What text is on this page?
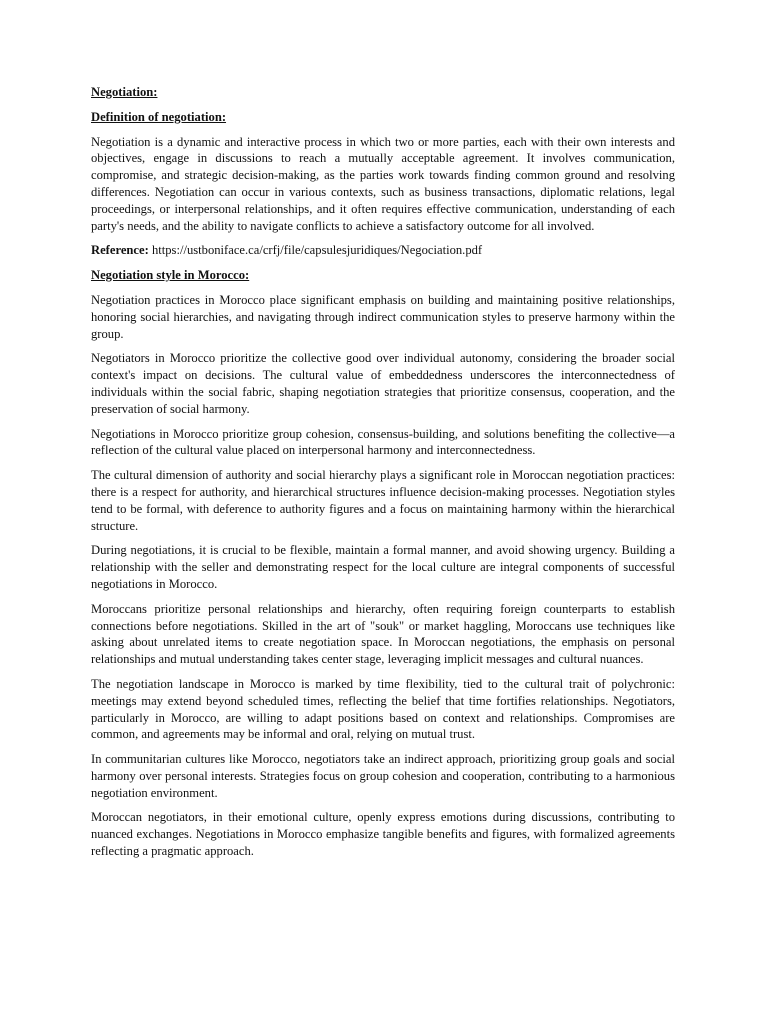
Negotiation:
Definition of negotiation:

Negotiation is a dynamic and interactive process in which two or more parties, each with their own interests and objectives, engage in discussions to reach a mutually acceptable agreement. It involves communication, compromise, and strategic decision-making, as the parties work towards finding common ground and resolving differences. Negotiation can occur in various contexts, such as business transactions, diplomatic relations, legal proceedings, or interpersonal relationships, and it often requires effective communication, understanding of each party's needs, and the ability to navigate conflicts to achieve a satisfactory outcome for all involved.

Reference: https://ustboniface.ca/crfj/file/capsulesjuridiques/Negociation.pdf

Negotiation style in Morocco:

Negotiation practices in Morocco place significant emphasis on building and maintaining positive relationships, honoring social hierarchies, and navigating through indirect communication styles to preserve harmony within the group.

Negotiators in Morocco prioritize the collective good over individual autonomy, considering the broader social context's impact on decisions. The cultural value of embeddedness underscores the interconnectedness of individuals within the social fabric, shaping negotiation strategies that prioritize consensus, cooperation, and the preservation of social harmony.

Negotiations in Morocco prioritize group cohesion, consensus-building, and solutions benefiting the collective—a reflection of the cultural value placed on interpersonal harmony and interconnectedness.

The cultural dimension of authority and social hierarchy plays a significant role in Moroccan negotiation practices: there is a respect for authority, and hierarchical structures influence decision-making processes. Negotiation styles tend to be formal, with deference to authority figures and a focus on maintaining harmony within the hierarchical structure.

During negotiations, it is crucial to be flexible, maintain a formal manner, and avoid showing urgency. Building a relationship with the seller and demonstrating respect for the local culture are integral components of successful negotiations in Morocco.

Moroccans prioritize personal relationships and hierarchy, often requiring foreign counterparts to establish connections before negotiations. Skilled in the art of "souk" or market haggling, Moroccans use techniques like asking about unrelated items to create negotiation space. In Moroccan negotiations, the emphasis on personal relationships and mutual understanding takes center stage, leveraging implicit messages and cultural nuances.

The negotiation landscape in Morocco is marked by time flexibility, tied to the cultural trait of polychronic: meetings may extend beyond scheduled times, reflecting the belief that time fortifies relationships. Negotiators, particularly in Morocco, are willing to adapt positions based on context and relationships. Compromises are common, and agreements may be informal and oral, relying on mutual trust.

In communitarian cultures like Morocco, negotiators take an indirect approach, prioritizing group goals and social harmony over personal interests. Strategies focus on group cohesion and cooperation, contributing to a harmonious negotiation environment.

Moroccan negotiators, in their emotional culture, openly express emotions during discussions, contributing to nuanced exchanges. Negotiations in Morocco emphasize tangible benefits and figures, with formalized agreements reflecting a pragmatic approach.
